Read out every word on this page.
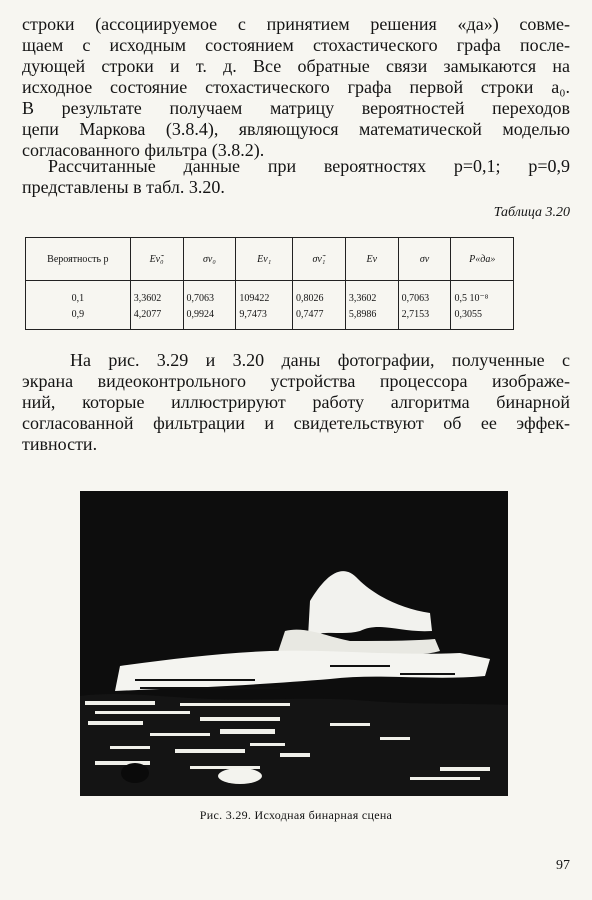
строки (ассоциируемое с принятием решения «да») совме-
щаем с исходным состоянием стохастического графа после-
дующей строки и т. д. Все обратные связи замыкаются на
исходное состояние стохастического графа первой строки a₀.
В результате получаем матрицу вероятностей переходов
цепи Маркова (3.8.4), являющуюся математической моделью
согласованного фильтра (3.8.2).
Рассчитанные данные при вероятностях p=0,1; p=0,9
представлены в табл. 3.20.
Таблица 3.20
Вероятность p	Eν̃₀	σν₀	Eν₁	σν̃₁	Eν	σν	P«да»
0,1	3,3602	0,7063	109422	0,8026	3,3602	0,7063	0,5 10⁻⁸
0,9	4,2077	0,9924	9,7473	0,7477	5,8986	2,7153	0,3055
На рис. 3.29 и 3.20 даны фотографии, полученные с
экрана видеоконтрольного устройства процессора изображе-
ний, которые иллюстрируют работу алгоритма бинарной
согласованной фильтрации и свидетельствуют об ее эффек-
тивности.
Рис. 3.29. Исходная бинарная сцена
97
